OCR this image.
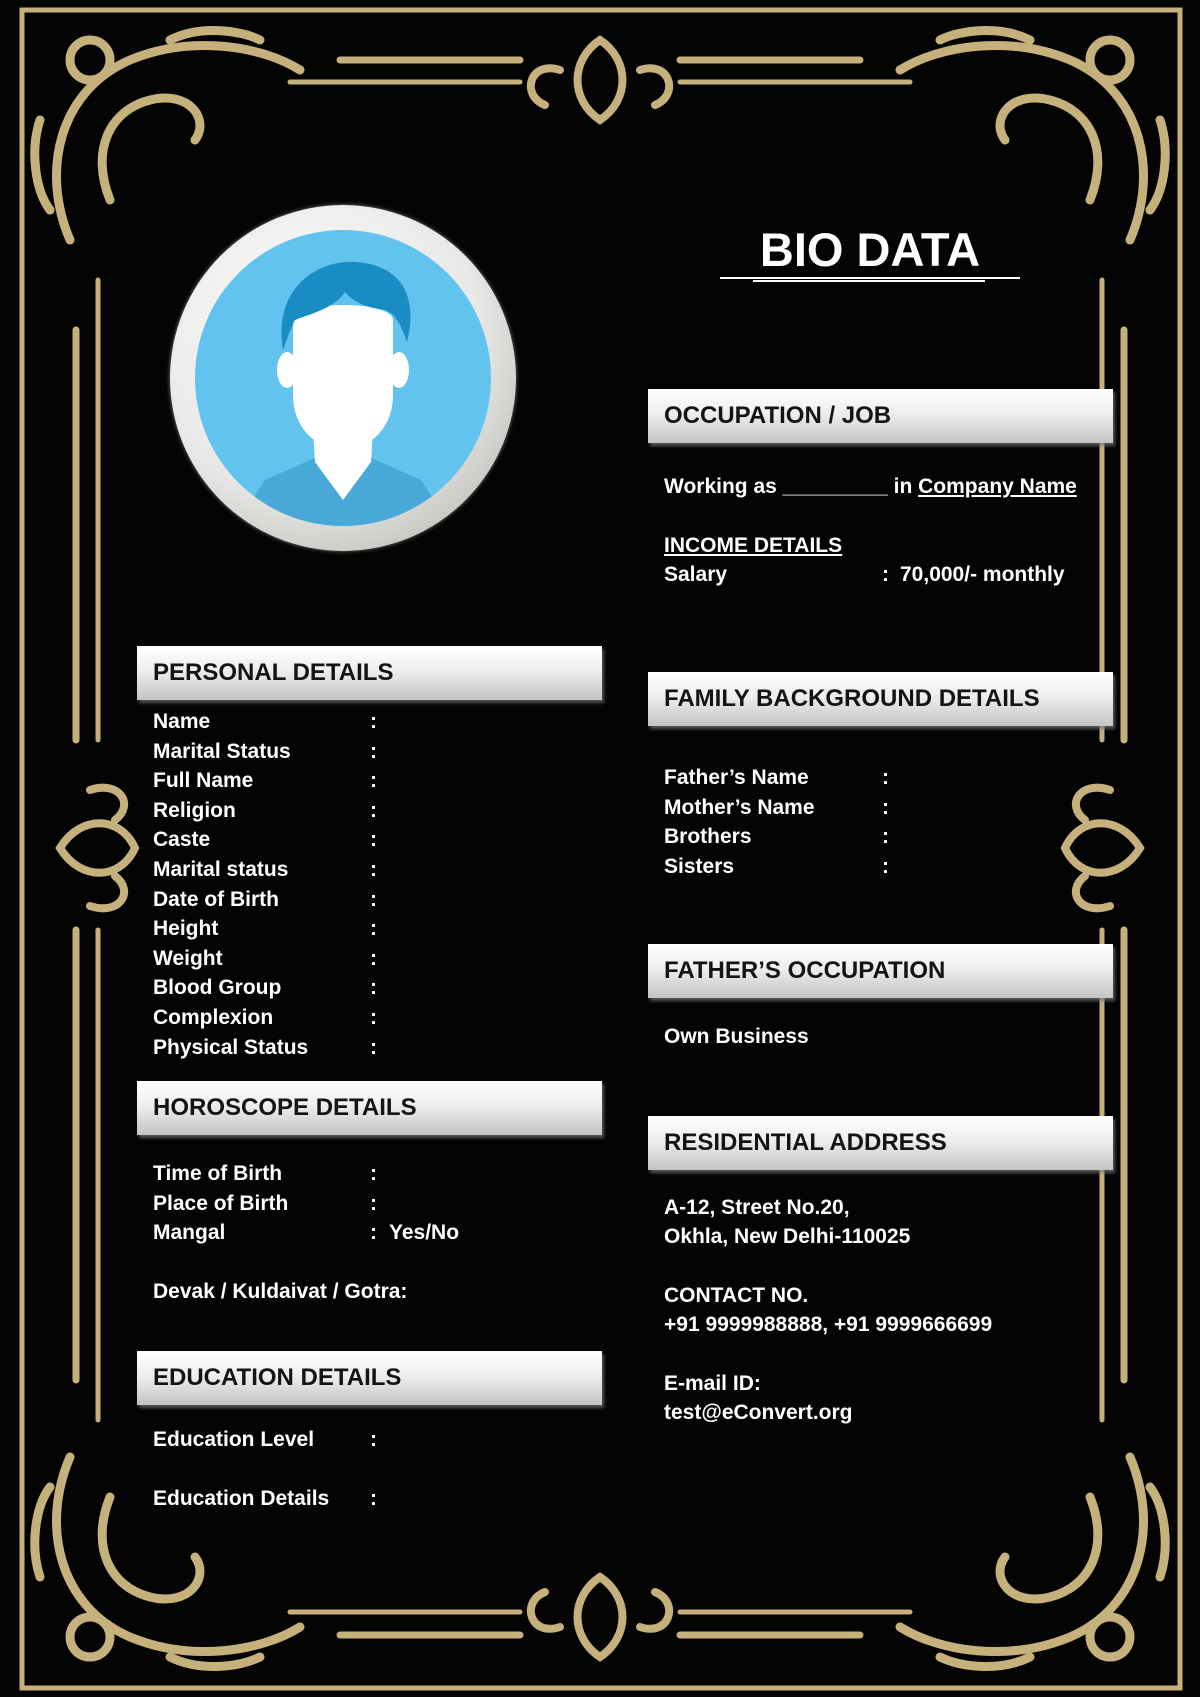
BIO DATA
PERSONAL DETAILS
Name	:
Marital Status	:
Full Name	:
Religion	:
Caste	:
Marital status	:
Date of Birth	:
Height	:
Weight	:
Blood Group	:
Complexion	:
Physical Status	:
HOROSCOPE DETAILS
Time of Birth	:
Place of Birth	:
Mangal	: Yes/No
Devak / Kuldaivat / Gotra:
EDUCATION DETAILS
Education Level	:
Education Details :
OCCUPATION / JOB
Working as _________ in Company Name
INCOME DETAILS
Salary	: 70,000/- monthly
FAMILY BACKGROUND DETAILS
Father’s Name	:
Mother’s Name	:
Brothers	:
Sisters	:
FATHER’S OCCUPATION
Own Business
RESIDENTIAL ADDRESS
A-12, Street No.20,
Okhla, New Delhi-110025
CONTACT NO.
+91 9999988888, +91 9999666699
E-mail ID:
test@eConvert.org
